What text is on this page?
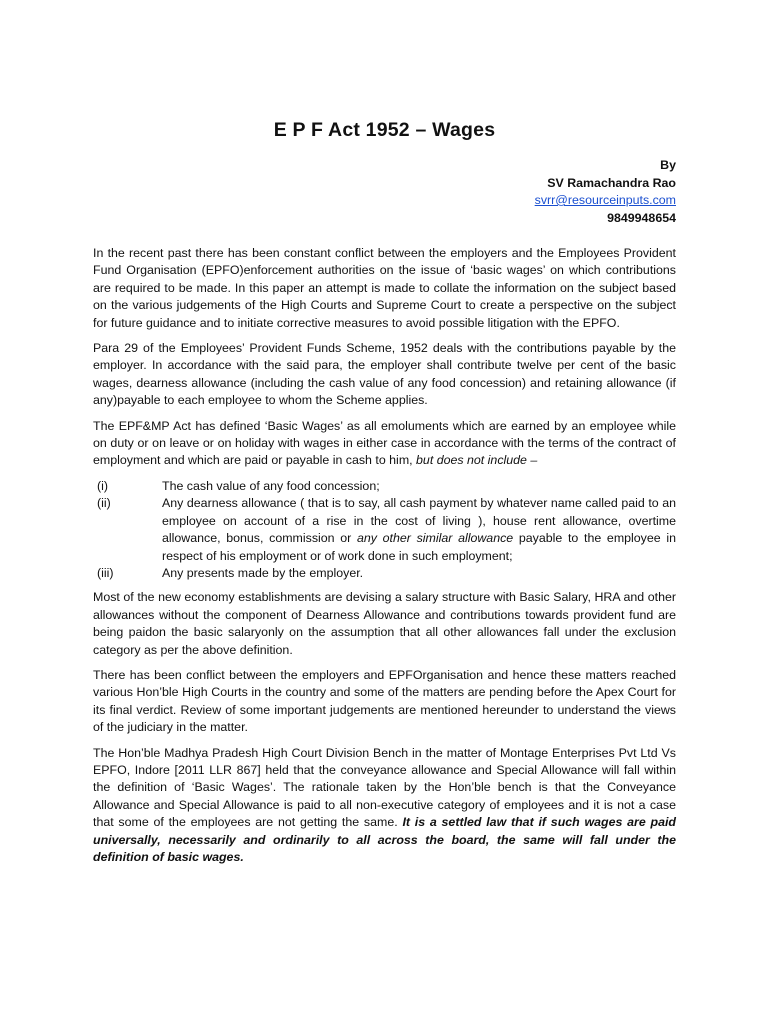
E P F Act 1952 – Wages
By
SV Ramachandra Rao
svrr@resourceinputs.com
9849948654

In the recent past there has been constant conflict between the employers and the Employees Provident Fund Organisation (EPFO)enforcement authorities on the issue of ‘basic wages’ on which contributions are required to be made. In this paper an attempt is made to collate the information on the subject based on the various judgements of the High Courts and Supreme Court to create a perspective on the subject for future guidance and to initiate corrective measures to avoid possible litigation with the EPFO.

Para 29 of the Employees’ Provident Funds Scheme, 1952 deals with the contributions payable by the employer. In accordance with the said para, the employer shall contribute twelve per cent of the basic wages, dearness allowance (including the cash value of any food concession) and retaining allowance (if any)payable to each employee to whom the Scheme applies.

The EPF&MP Act has defined ‘Basic Wages’ as all emoluments which are earned by an employee while on duty or on leave or on holiday with wages in either case in accordance with the terms of the contract of employment and which are paid or payable in cash to him, but does not include –

(i)	The cash value of any food concession;
(ii)	Any dearness allowance ( that is to say, all cash payment by whatever name called paid to an employee on account of a rise in the cost of living ), house rent allowance, overtime allowance, bonus, commission or any other similar allowance payable to the employee in respect of his employment or of work done in such employment;
(iii)	Any presents made by the employer.

Most of the new economy establishments are devising a salary structure with Basic Salary, HRA and other allowances without the component of Dearness Allowance and contributions towards provident fund are being paidon the basic salaryonly on the assumption that all other allowances fall under the exclusion category as per the above definition.

There has been conflict between the employers and EPFOrganisation and hence these matters reached various Hon’ble High Courts in the country and some of the matters are pending before the Apex Court for its final verdict. Review of some important judgements are mentioned hereunder to understand the views of the judiciary in the matter.

The Hon’ble Madhya Pradesh High Court Division Bench in the matter of Montage Enterprises Pvt Ltd Vs EPFO, Indore [2011 LLR 867] held that the conveyance allowance and Special Allowance will fall within the definition of ‘Basic Wages’. The rationale taken by the Hon’ble bench is that the Conveyance Allowance and Special Allowance is paid to all non-executive category of employees and it is not a case that some of the employees are not getting the same. It is a settled law that if such wages are paid universally, necessarily and ordinarily to all across the board, the same will fall under the definition of basic wages.
